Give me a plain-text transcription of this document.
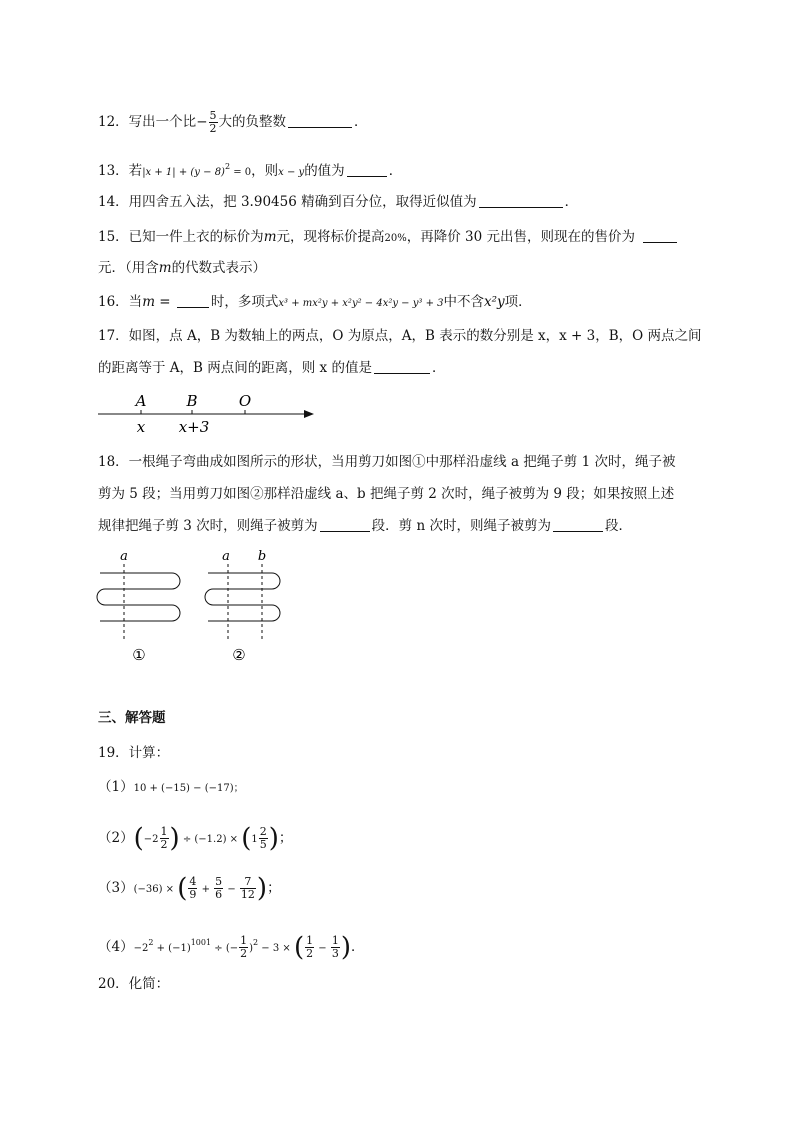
12．写出一个比− $\frac{5}{2}$ 大的负整数	．
13．若$|x + 1| + (y - 8)^2 = 0$，则x − y的值为	．
14．用四舍五入法，把 3.90456 精确到百分位，取得近似值为	．
15．已知一件上衣的标价为m元，现将标价提高20%，再降价 30 元出售，则现在的售价为
元．（用含m的代数式表示）
16．当m =	时，多项式x³ + mx²y + x²y² − 4x²y − y³ + 3中不含x²y项．
17．如图，点 A，B 为数轴上的两点，O 为原点，A，B 表示的数分别是 x，x + 3，B，O 两点之间
的距离等于 A，B 两点间的距离，则 x 的值是	．
A	B	O
x x+3
18．一根绳子弯曲成如图所示的形状，当用剪刀如图①中那样沿虚线 a 把绳子剪 1 次时，绳子被
剪为 5 段；当用剪刀如图②那样沿虚线 a、b 把绳子剪 2 次时，绳子被剪为 9 段；如果按照上述
规律把绳子剪 3 次时，则绳子被剪为	段．剪 n 次时，则绳子被剪为	段．
a
①
a b
②
三、解答题
19．计算：
（1）10 + (−15) − (−17)；
$(2)(-2 \frac{1}{2}$ ) ÷ $(-1.2) \times (1 \frac{2}{5}$ )；
（3）(−36) × ( $\frac{4}{9} + \frac{5}{6} - \frac{7}{12}$ )；
$(4)-2^2 + (-1)^{1001}$ ÷ (− $\frac{1}{2} )^2 - 3$ × ( $\frac{1}{2} - \frac{1}{3}$ )．
20．化简：
